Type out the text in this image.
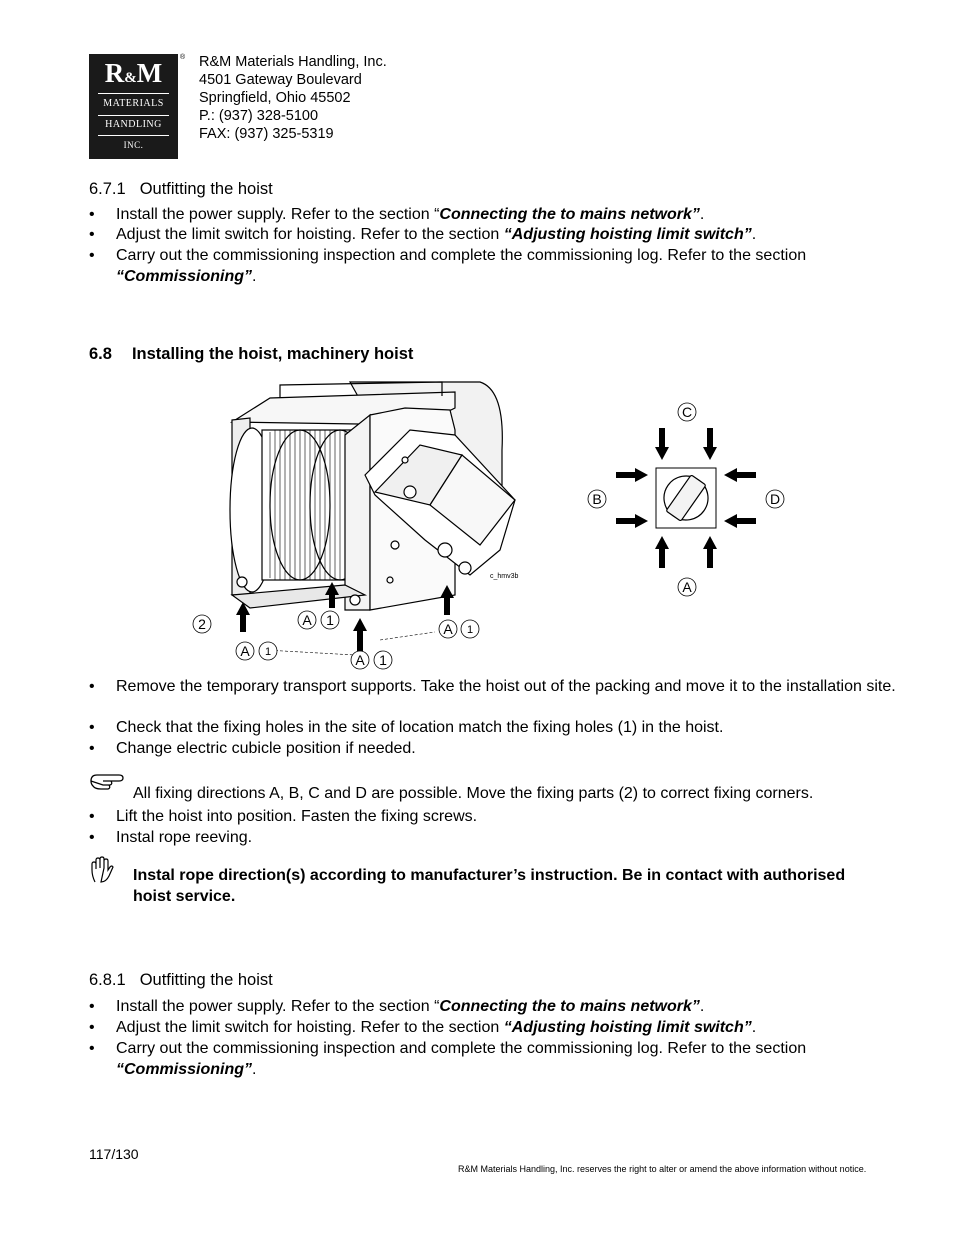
R&M
MATERIALS
HANDLING
INC.
® R&M Materials Handling, Inc.
4501 Gateway Boulevard
Springfield, Ohio 45502
P.: (937) 328-5100
FAX: (937) 325-5319
6.7.1 Outfitting the hoist
• Install the power supply. Refer to the section “Connecting the to mains network”.
• Adjust the limit switch for hoisting. Refer to the section “Adjusting hoisting limit switch”.
• Carry out the commissioning inspection and complete the commissioning log. Refer to the section
“Commissioning”.
6.8 Installing the hoist, machinery hoist
c_hmv3b
2
A 1
A 1
A 1
A 1
C
B	D
A
• Remove the temporary transport supports. Take the hoist out of the packing and move it to the installation site.
• Check that the fixing holes in the site of location match the fixing holes (1) in the hoist.
• Change electric cubicle position if needed.
All fixing directions A, B, C and D are possible. Move the fixing parts (2) to correct fixing corners.
• Lift the hoist into position. Fasten the fixing screws.
• Instal rope reeving.
Instal rope direction(s) according to manufacturer’s instruction. Be in contact with authorised hoist service.
6.8.1 Outfitting the hoist
• Install the power supply. Refer to the section “Connecting the to mains network”.
• Adjust the limit switch for hoisting. Refer to the section “Adjusting hoisting limit switch”.
• Carry out the commissioning inspection and complete the commissioning log. Refer to the section
“Commissioning”.
117/130
R&M Materials Handling, Inc. reserves the right to alter or amend the above information without notice.
